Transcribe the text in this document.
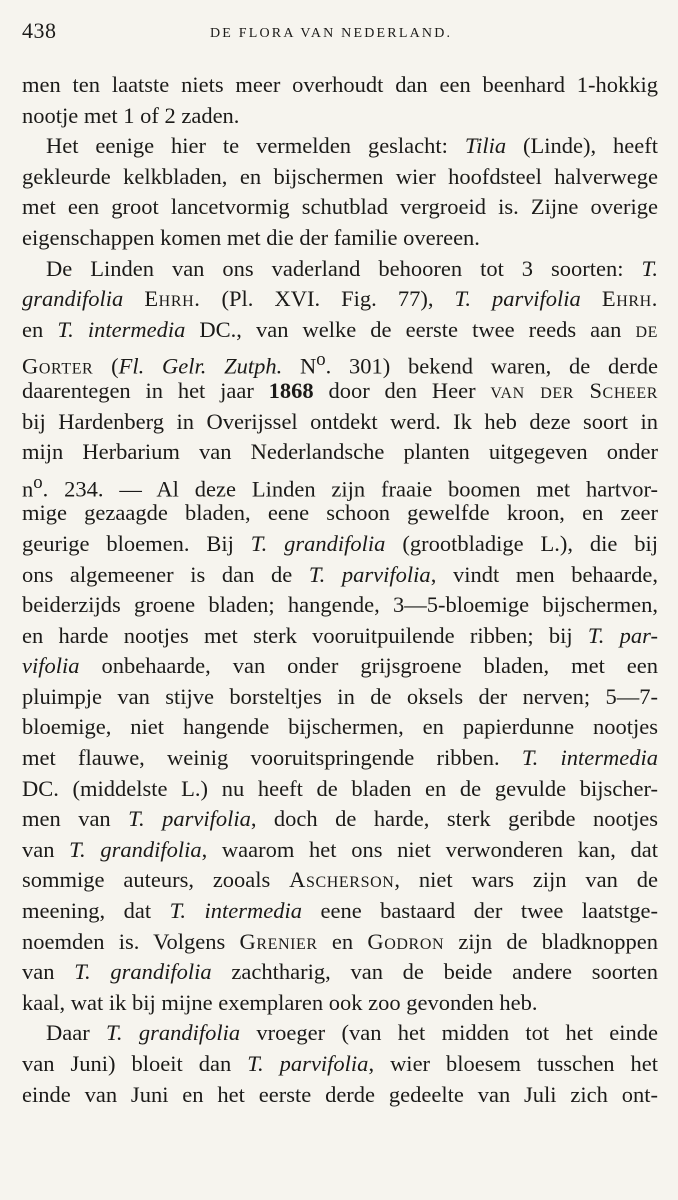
438	DE FLORA VAN NEDERLAND.
men ten laatste niets meer overhoudt dan een beenhard 1-hokkig
nootje met 1 of 2 zaden.
Het eenige hier te vermelden geslacht: Tilia (Linde), heeft
gekleurde kelkbladen, en bijschermen wier hoofdsteel halverwege
met een groot lancetvormig schutblad vergroeid is. Zijne overige
eigenschappen komen met die der familie overeen.
De Linden van ons vaderland behooren tot 3 soorten: T.
grandifolia Ehrh. (Pl. XVI. Fig. 77), T. parvifolia Ehrh.
en T. intermedia DC., van welke de eerste twee reeds aan de
Gorter (Fl. Gelr. Zutph. $N^o$. 301) bekend waren, de derde
daarentegen in het jaar 1868 door den Heer van der Scheer
bij Hardenberg in Overijssel ontdekt werd. Ik heb deze soort in
mijn Herbarium van Nederlandsche planten uitgegeven onder
$n^o$. 234. — Al deze Linden zijn fraaie boomen met hartvor-
mige gezaagde bladen, eene schoon gewelfde kroon, en zeer
geurige bloemen. Bij T. grandifolia (grootbladige L.), die bij
ons algemeener is dan de T. parvifolia, vindt men behaarde,
beiderzijds groene bladen; hangende, 3—5-bloemige bijschermen,
en harde nootjes met sterk vooruitpuilende ribben; bij T. par-
vifolia onbehaarde, van onder grijsgroene bladen, met een
pluimpje van stijve borsteltjes in de oksels der nerven; 5—7-
bloemige, niet hangende bijschermen, en papierdunne nootjes
met flauwe, weinig vooruitspringende ribben. T. intermedia
DC. (middelste L.) nu heeft de bladen en de gevulde bijscher-
men van T. parvifolia, doch de harde, sterk geribde nootjes
van T. grandifolia, waarom het ons niet verwonderen kan, dat
sommige auteurs, zooals Ascherson, niet wars zijn van de
meening, dat T. intermedia eene bastaard der twee laatstge-
noemden is. Volgens Grenier en Godron zijn de bladknoppen
van T. grandifolia zachtharig, van de beide andere soorten
kaal, wat ik bij mijne exemplaren ook zoo gevonden heb.
Daar T. grandifolia vroeger (van het midden tot het einde
van Juni) bloeit dan T. parvifolia, wier bloesem tusschen het
einde van Juni en het eerste derde gedeelte van Juli zich ont-
